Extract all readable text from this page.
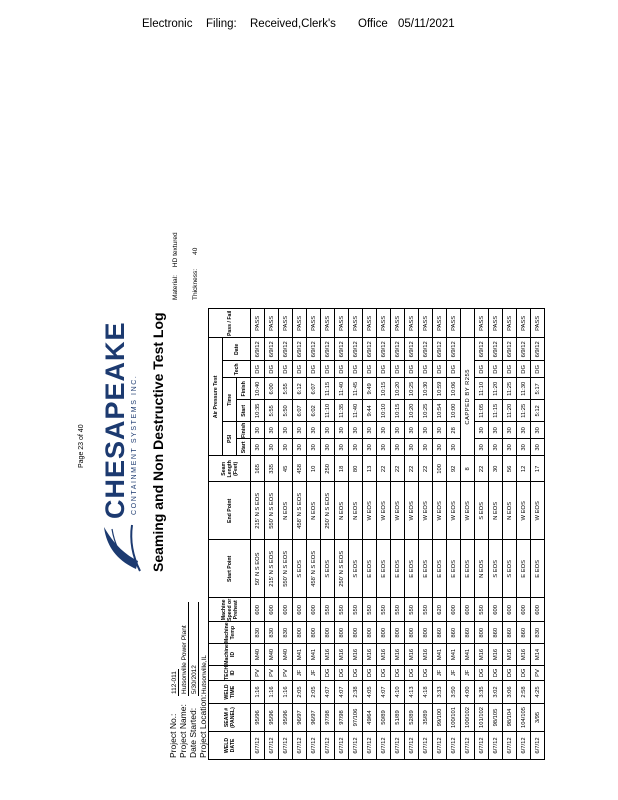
Electronic Filing: Received,Clerk's Office 05/11/2021
Page 23 of 40 CHESAPEAKE CONTAINMENT SYSTEMS INC. Seaming and Non Destructive Test Log
Project No.:112-011
Project Name:Hutsonville Power Plant
Date Started:5/30/2012
Project Location:Hutsonville,IL
Material:HD textured
Thickness:40
WELD DATE	SEAM # (PANEL)	WELD TIME	TECH ID	Machine ID	Machine Temp	Machine Speed or Preheat	Start Point	End Point	Seam Length (Feet)	Air Pressure Test						Pass / Fail
										PSI		Time		Tech	Date	
										Start	Finish	Start	Finish			
6/7/12	95/96	1:16	PV	M40	830	600	50' N S EOS	215' N S EOS	165	30	30	10:35	10:40	DG	6/9/12	PASS
6/7/12	95/96	1:16	PV	M40	830	600	215' N S EOS	550' N S EOS	335	30	30	5:55	6:00	DG	6/9/12	PASS
6/7/12	95/96	1:16	PV	M40	830	600	550' N S EOS	N EOS	45	30	30	5:50	5:55	DG	6/9/12	PASS
6/7/12	96/97	2:05	JF	M41	800	600	S EOS	458' N S EOS	458	30	30	6:07	6:12	DG	6/9/12	PASS
6/7/12	96/97	2:05	JF	M41	800	600	458' N S EOS	N EOS	10	30	30	6:02	6:07	DG	6/9/12	PASS
6/7/12	97/98	4:07	DG	M16	800	550	S EOS	250' N S EOS	250	30	30	11:10	11:15	DG	6/9/12	PASS
6/7/12	97/98	4:07	DG	M16	800	550	250' N S EOS	N EOS	18	30	30	11:35	11:40	DG	6/9/12	PASS
6/7/12	97/106	2:38	DG	M16	800	550	S EOS	N EOS	80	30	30	11:40	11:45	DG	6/9/12	PASS
6/7/12	49/64	4:05	DG	M16	800	550	E EOS	W EOS	13	30	30	9:44	9:49	DG	6/9/12	PASS
6/7/12	50/89	4:07	DG	M16	800	550	E EOS	W EOS	22	30	30	10:10	10:15	DG	6/9/12	PASS
6/7/12	51/89	4:10	DG	M16	800	550	E EOS	W EOS	22	30	30	10:15	10:20	DG	6/9/12	PASS
6/7/12	52/89	4:13	DG	M16	800	550	E EOS	W EOS	22	30	30	10:20	10:25	DG	6/9/12	PASS
6/7/12	35/89	4:18	DG	M16	800	550	E EOS	W EOS	22	30	30	10:25	10:30	DG	6/9/12	PASS
6/7/12	99/100	3:33	JF	M41	860	620	E EOS	W EOS	100	30	30	10:54	10:59	DG	6/9/12	PASS
6/7/12	100/101	3:50	JF	M41	860	600	E EOS	W EOS	92	30	28	10:00	10:06	DG	6/9/12	PASS
6/7/12	100/102	4:00	JF	M41	860	600	E EOS	W EOS	8	CAPPED BY R255						
6/7/12	101/102	3:35	DG	M16	800	550	N EOS	S EOS	22	30	30	11:05	11:10	DG	6/9/12	PASS
6/7/12	98/105	3:02	DG	M16	860	600	S EOS	N EOS	30	30	30	11:15	11:20	DG	6/9/12	PASS
6/7/12	98/104	3:06	DG	M16	860	600	S EOS	N EOS	56	30	30	11:20	11:25	DG	6/9/12	PASS
6/7/12	104/105	2:58	DG	M16	860	600	E EOS	W EOS	12	30	30	11:25	11:30	DG	6/9/12	PASS
6/7/12	3/95	4:25	PV	M14	830	600	E EOS	W EOS	17	30	30	5:12	5:17	DG	6/9/12	PASS
